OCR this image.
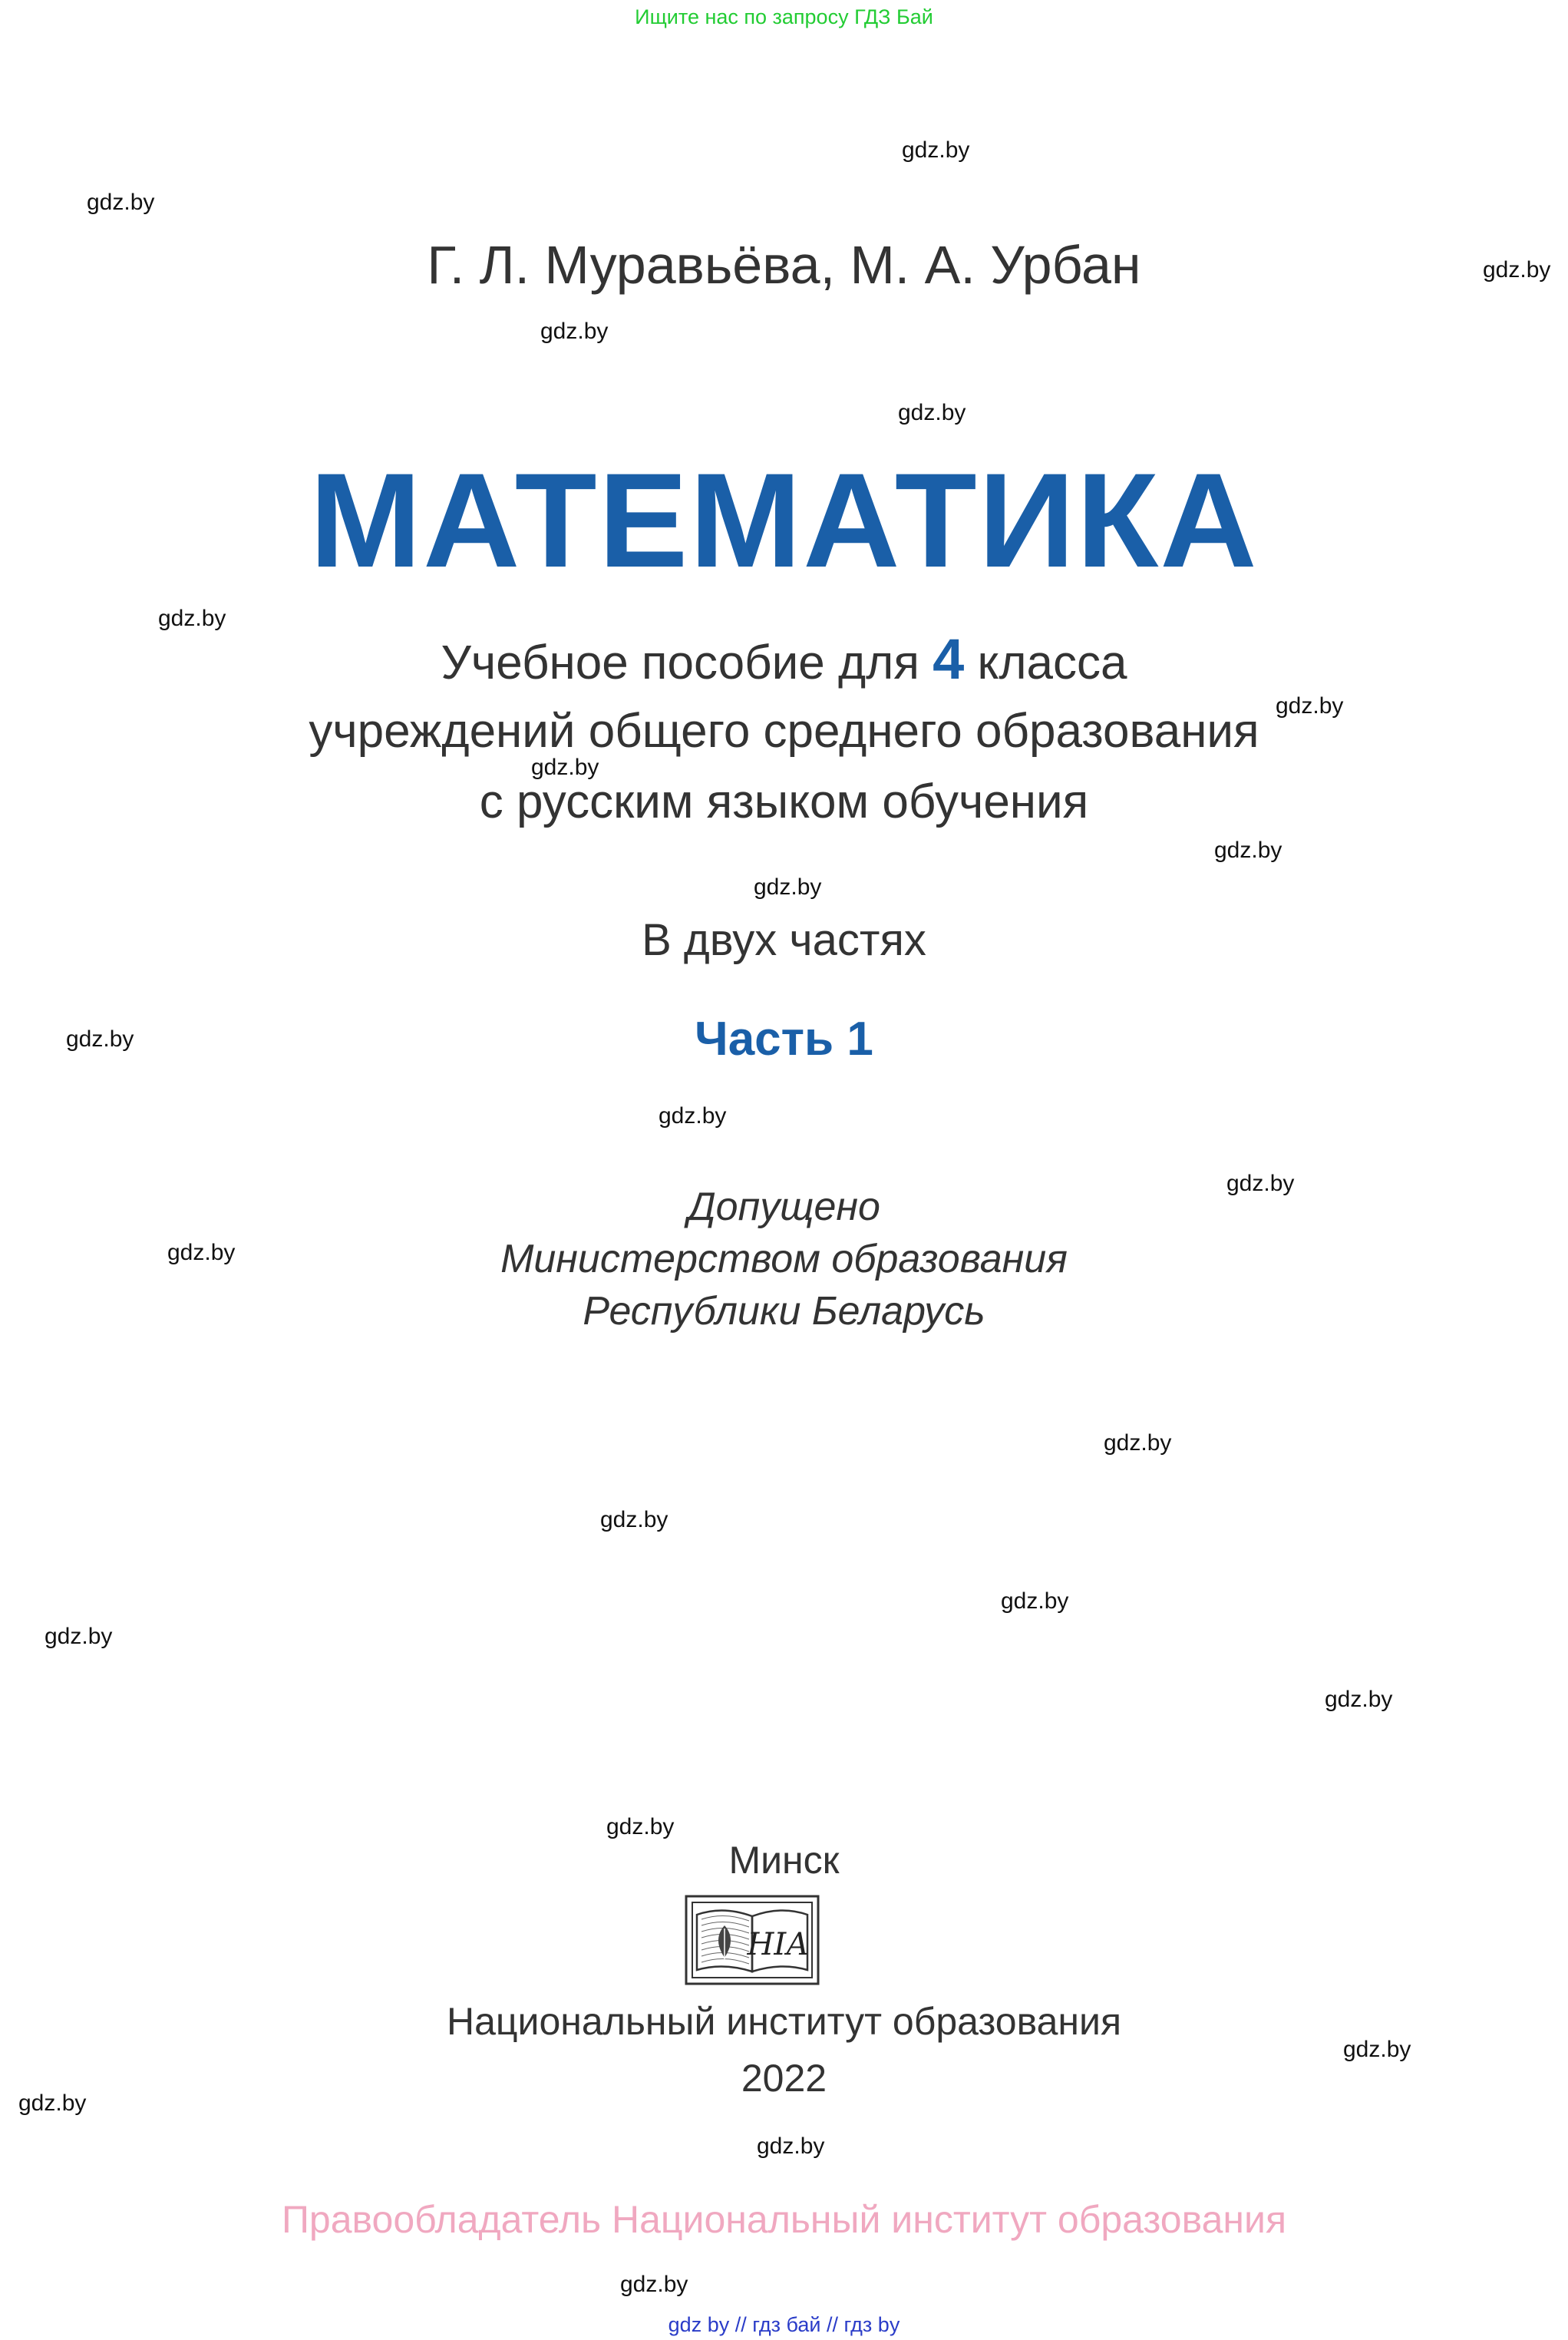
Ищите нас по запросу ГДЗ Бай
Г. Л. Муравьёва, М. А. Урбан
МАТЕМАТИКА
Учебное пособие для 4 класса
учреждений общего среднего образования
с русским языком обучения
В двух частях
Часть 1
Допущено
Министерством образования
Республики Беларусь
Минск
НІА
Национальный институт образования
2022
Правообладатель Национальный институт образования
gdz by // гдз бай // гдз by
gdz.by
gdz.by
gdz.by
gdz.by
gdz.by
gdz.by
gdz.by
gdz.by
gdz.by
gdz.by
gdz.by
gdz.by
gdz.by
gdz.by
gdz.by
gdz.by
gdz.by
gdz.by
gdz.by
gdz.by
gdz.by
gdz.by
gdz.by
gdz.by
